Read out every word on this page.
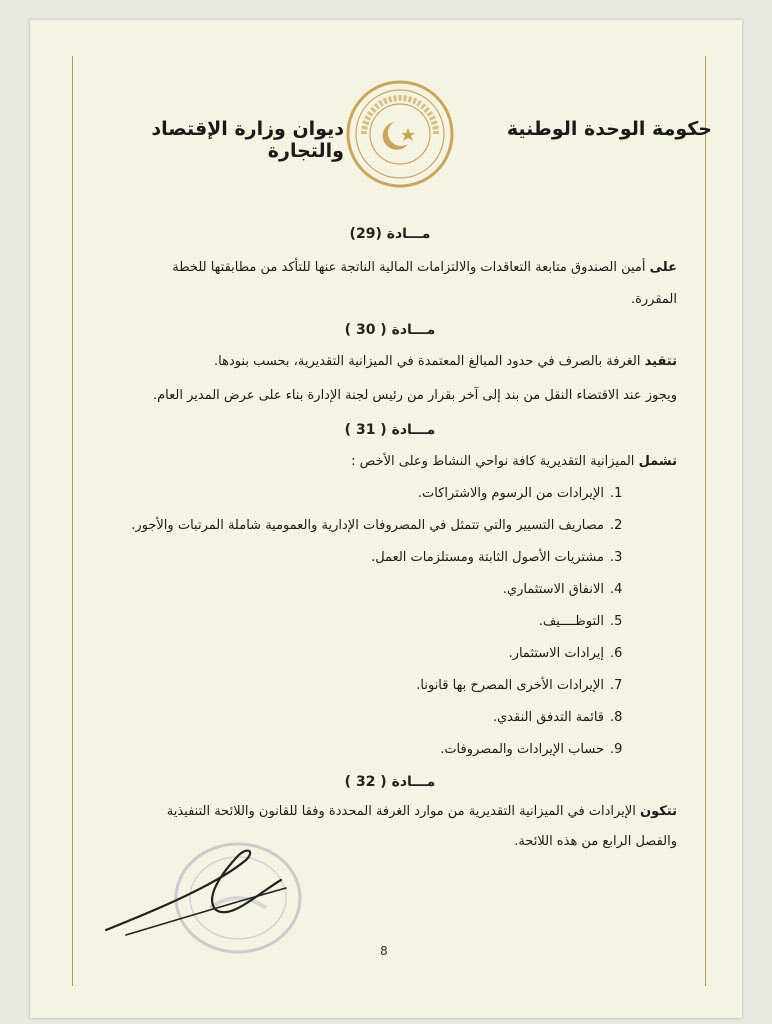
حكومة الوحدة الوطنية
ديوان وزارة الإقتصاد والتجارة
مـــادة (29)
على أمين الصندوق متابعة التعاقدات والالتزامات المالية الناتجة عنها للتأكد من مطابقتها للخطة
المقررة.
مـــادة ( 30 )
تتقيد الغرفة بالصرف في حدود المبالغ المعتمدة في الميزانية التقديرية، بحسب بنودها.
ويجوز عند الاقتضاء النقل من بند إلى آخر بقرار من رئيس لجنة الإدارة بناء على عرض المدير العام.
مـــادة ( 31 )
تشمل الميزانية التقديرية كافة نواحي النشاط وعلى الأخص :
1.الإيرادات من الرسوم والاشتراكات.
2.مصاريف التسيير والتي تتمثل في المصروفات الإدارية والعمومية شاملة المرتبات والأجور.
3.مشتريات الأصول الثابتة ومستلزمات العمل.
4.الانفاق الاستثماري.
5.التوظــــيف.
6.إيرادات الاستثمار.
7.الإيرادات الأخرى المصرح بها قانونا.
8.قائمة التدفق النقدي.
9.حساب الإيرادات والمصروفات.
مـــادة ( 32 )
تتكون الإيرادات في الميزانية التقديرية من موارد الغرفة المحددة وفقا للقانون واللائحة التنفيذية
والفصل الرابع من هذه اللائحة.
8
